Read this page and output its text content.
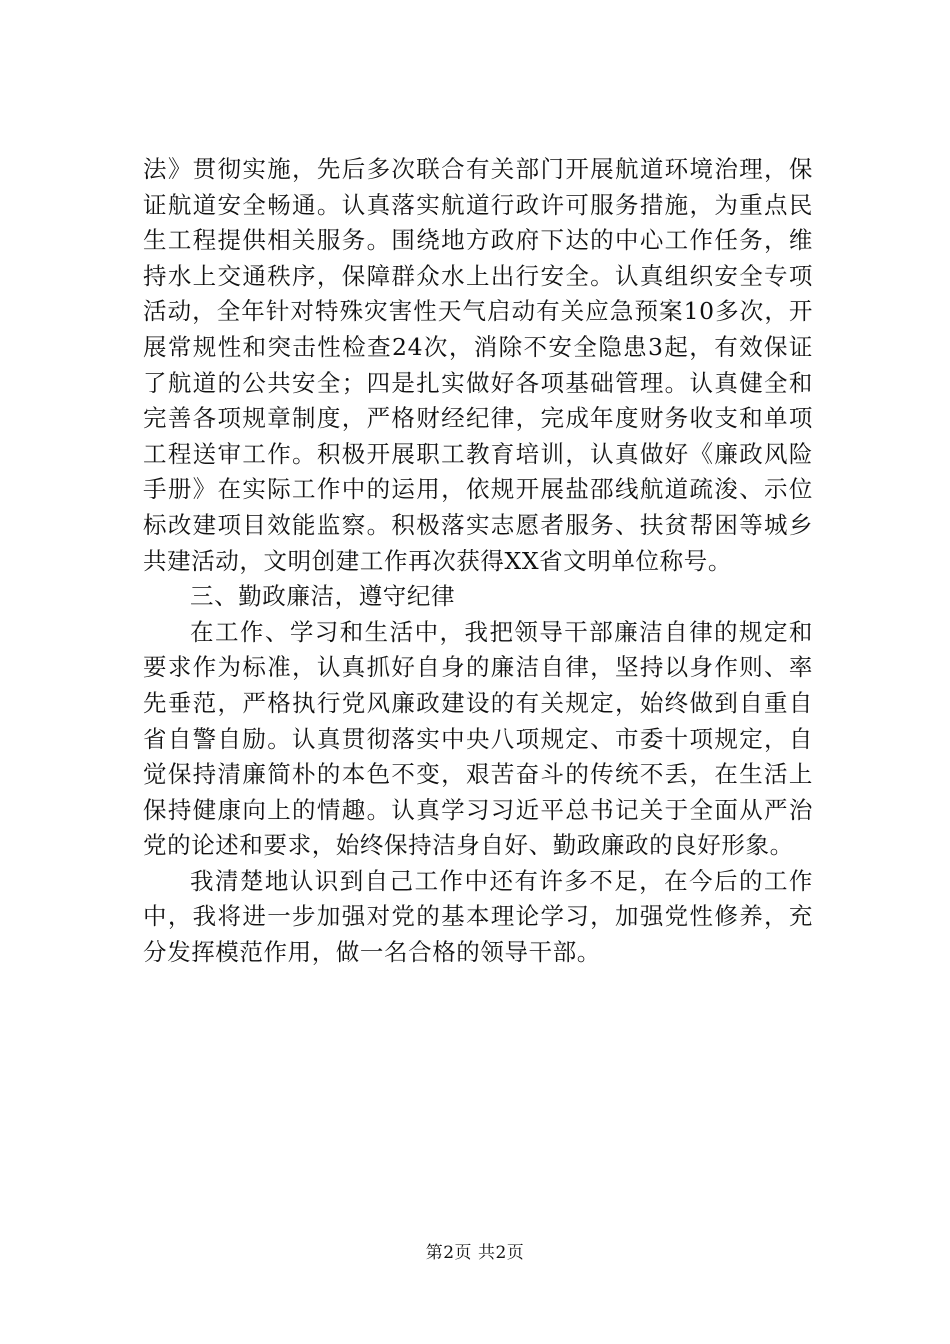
法》贯彻实施，先后多次联合有关部门开展航道环境治理，保证航道安全畅通。认真落实航道行政许可服务措施，为重点民生工程提供相关服务。围绕地方政府下达的中心工作任务，维持水上交通秩序，保障群众水上出行安全。认真组织安全专项活动，全年针对特殊灾害性天气启动有关应急预案10多次，开展常规性和突击性检查24次，消除不安全隐患3起，有效保证了航道的公共安全；四是扎实做好各项基础管理。认真健全和完善各项规章制度，严格财经纪律，完成年度财务收支和单项工程送审工作。积极开展职工教育培训，认真做好《廉政风险手册》在实际工作中的运用，依规开展盐邵线航道疏浚、示位标改建项目效能监察。积极落实志愿者服务、扶贫帮困等城乡共建活动，文明创建工作再次获得XX省文明单位称号。

三、勤政廉洁，遵守纪律

在工作、学习和生活中，我把领导干部廉洁自律的规定和要求作为标准，认真抓好自身的廉洁自律，坚持以身作则、率先垂范，严格执行党风廉政建设的有关规定，始终做到自重自省自警自励。认真贯彻落实中央八项规定、市委十项规定，自觉保持清廉简朴的本色不变，艰苦奋斗的传统不丢，在生活上保持健康向上的情趣。认真学习习近平总书记关于全面从严治党的论述和要求，始终保持洁身自好、勤政廉政的良好形象。

我清楚地认识到自己工作中还有许多不足，在今后的工作中，我将进一步加强对党的基本理论学习，加强党性修养，充分发挥模范作用，做一名合格的领导干部。

第2页 共2页
